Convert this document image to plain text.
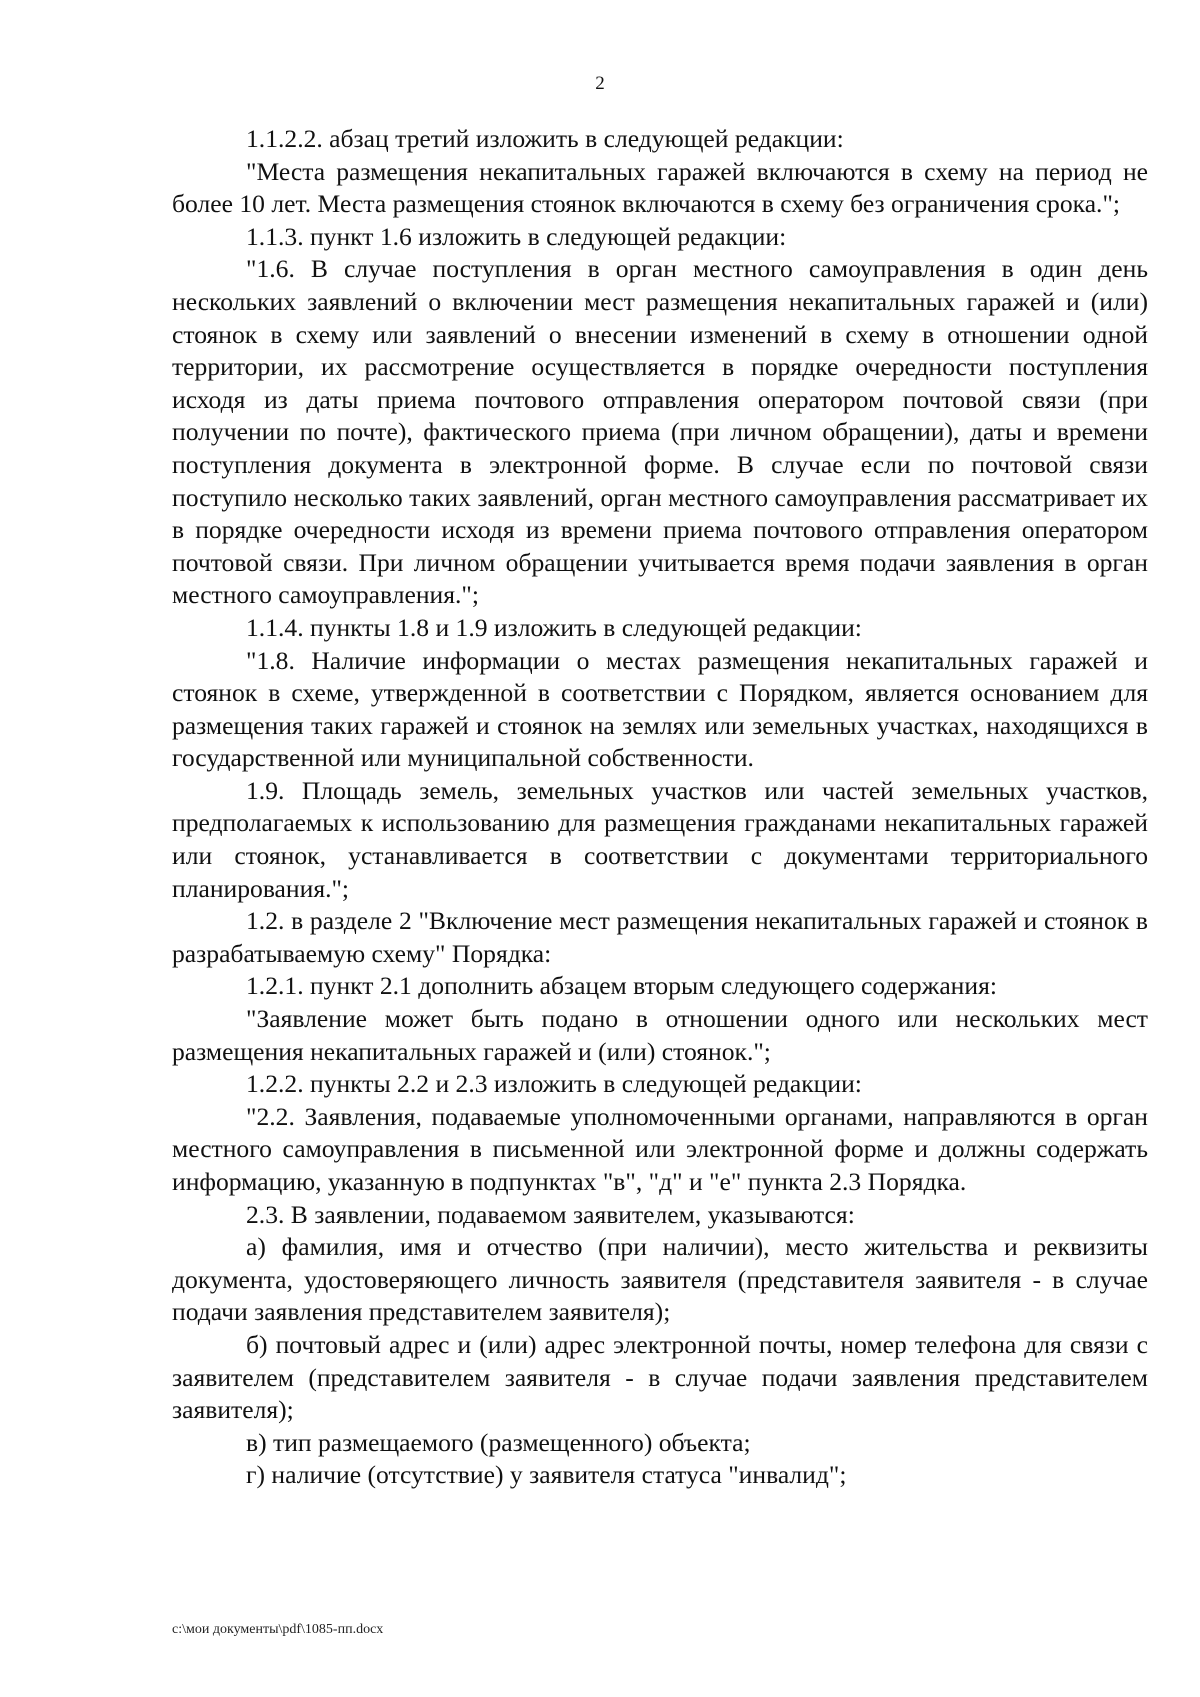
2

1.1.2.2. абзац третий изложить в следующей редакции:

"Места размещения некапитальных гаражей включаются в схему на период не более 10 лет. Места размещения стоянок включаются в схему без ограничения срока.";

1.1.3. пункт 1.6 изложить в следующей редакции:

"1.6. В случае поступления в орган местного самоуправления в один день нескольких заявлений о включении мест размещения некапитальных гаражей и (или) стоянок в схему или заявлений о внесении изменений в схему в отношении одной территории, их рассмотрение осуществляется в порядке очередности поступления исходя из даты приема почтового отправления оператором почтовой связи (при получении по почте), фактического приема (при личном обращении), даты и времени поступления документа в электронной форме. В случае если по почтовой связи поступило несколько таких заявлений, орган местного самоуправления рассматривает их в порядке очередности исходя из времени приема почтового отправления оператором почтовой связи. При личном обращении учитывается время подачи заявления в орган местного самоуправления.";

1.1.4. пункты 1.8 и 1.9 изложить в следующей редакции:

"1.8. Наличие информации о местах размещения некапитальных гаражей и стоянок в схеме, утвержденной в соответствии с Порядком, является основанием для размещения таких гаражей и стоянок на землях или земельных участках, находящихся в государственной или муниципальной собственности.

1.9. Площадь земель, земельных участков или частей земельных участков, предполагаемых к использованию для размещения гражданами некапитальных гаражей или стоянок, устанавливается в соответствии с документами территориального планирования.";

1.2. в разделе 2 "Включение мест размещения некапитальных гаражей и стоянок в разрабатываемую схему" Порядка:

1.2.1. пункт 2.1 дополнить абзацем вторым следующего содержания:

"Заявление может быть подано в отношении одного или нескольких мест размещения некапитальных гаражей и (или) стоянок.";

1.2.2. пункты 2.2 и 2.3 изложить в следующей редакции:

"2.2. Заявления, подаваемые уполномоченными органами, направляются в орган местного самоуправления в письменной или электронной форме и должны содержать информацию, указанную в подпунктах "в", "д" и "е" пункта 2.3 Порядка.

2.3. В заявлении, подаваемом заявителем, указываются:

а) фамилия, имя и отчество (при наличии), место жительства и реквизиты документа, удостоверяющего личность заявителя (представителя заявителя - в случае подачи заявления представителем заявителя);

б) почтовый адрес и (или) адрес электронной почты, номер телефона для связи с заявителем (представителем заявителя - в случае подачи заявления представителем заявителя);

в) тип размещаемого (размещенного) объекта;

г) наличие (отсутствие) у заявителя статуса "инвалид";

c:\мои документы\pdf\1085-пп.docx
